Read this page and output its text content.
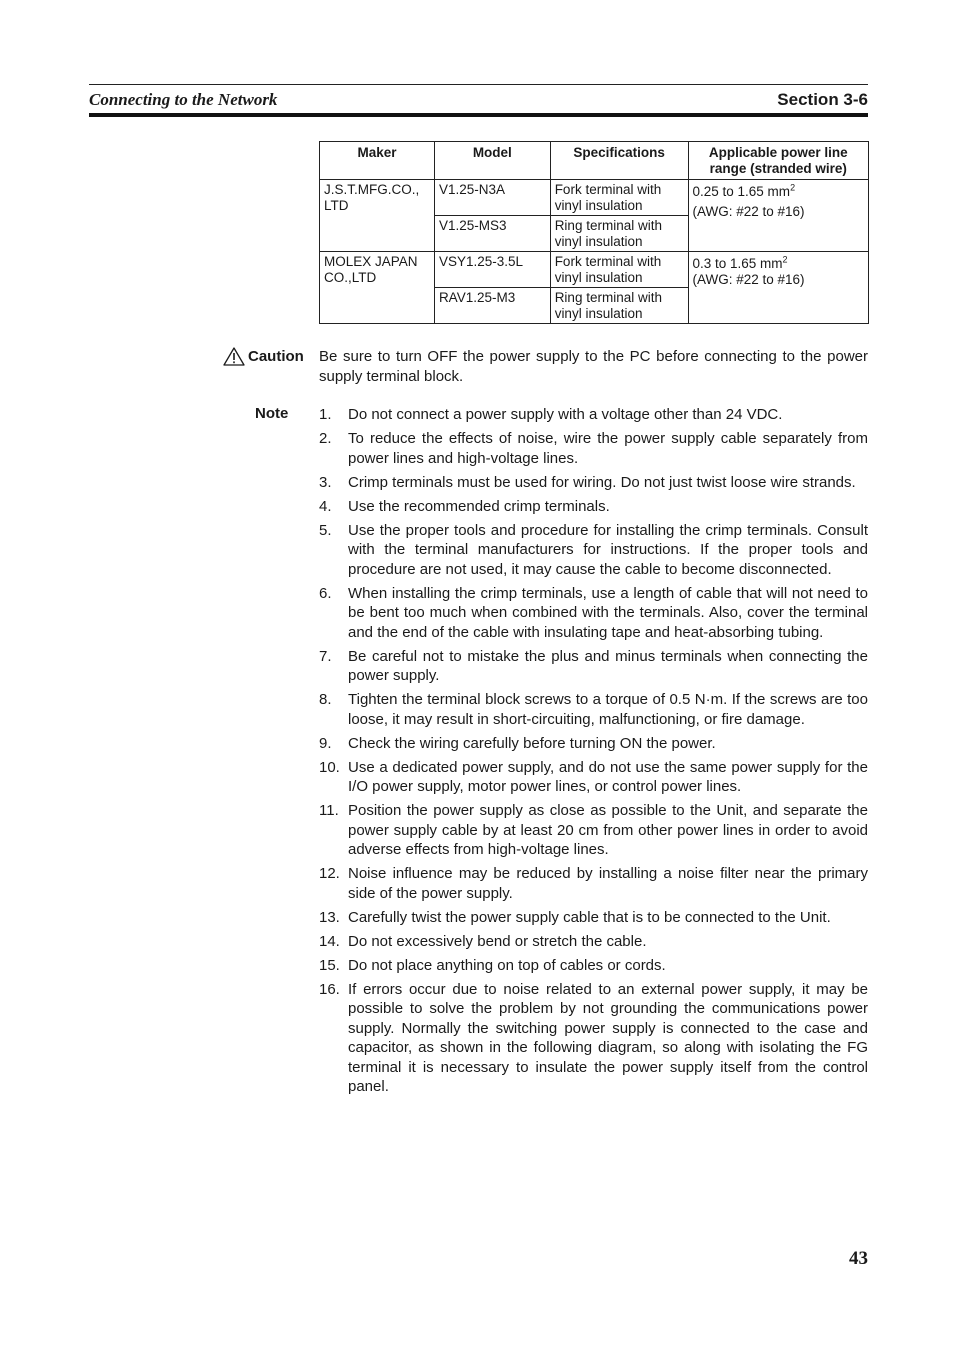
Connecting to the Network	Section 3-6
Maker	Model	Specifications	Applicable power line range (stranded wire)
J.S.T.MFG.CO., LTD	V1.25-N3A	Fork terminal with vinyl insulation	0.25 to 1.65 $mm^2$
(AWG: #22 to #16)
	V1.25-MS3	Ring terminal with vinyl insulation	
MOLEX JAPAN CO.,LTD	VSY1.25-3.5L	Fork terminal with vinyl insulation	0.3 to 1.65 $mm^2$
(AWG: #22 to #16)
	RAV1.25-M3	Ring terminal with vinyl insulation	
Caution Be sure to turn OFF the power supply to the PC before connecting to the power supply terminal block.
Note 1. Do not connect a power supply with a voltage other than 24 VDC.
2. To reduce the effects of noise, wire the power supply cable separately from power lines and high-voltage lines.
3. Crimp terminals must be used for wiring. Do not just twist loose wire strands.
4. Use the recommended crimp terminals.
5. Use the proper tools and procedure for installing the crimp terminals. Consult with the terminal manufacturers for instructions. If the proper tools and procedure are not used, it may cause the cable to become disconnected.
6. When installing the crimp terminals, use a length of cable that will not need to be bent too much when combined with the terminals. Also, cover the terminal and the end of the cable with insulating tape and heat-absorbing tubing.
7. Be careful not to mistake the plus and minus terminals when connecting the power supply.
8. Tighten the terminal block screws to a torque of 0.5 N·m. If the screws are too loose, it may result in short-circuiting, malfunctioning, or fire damage.
9. Check the wiring carefully before turning ON the power.
10. Use a dedicated power supply, and do not use the same power supply for the I/O power supply, motor power lines, or control power lines.
11. Position the power supply as close as possible to the Unit, and separate the power supply cable by at least 20 cm from other power lines in order to avoid adverse effects from high-voltage lines.
12. Noise influence may be reduced by installing a noise filter near the primary side of the power supply.
13. Carefully twist the power supply cable that is to be connected to the Unit.
14. Do not excessively bend or stretch the cable.
15. Do not place anything on top of cables or cords.
16. If errors occur due to noise related to an external power supply, it may be possible to solve the problem by not grounding the communications power supply. Normally the switching power supply is connected to the case and capacitor, as shown in the following diagram, so along with isolating the FG terminal it is necessary to insulate the power supply itself from the control panel.
43
